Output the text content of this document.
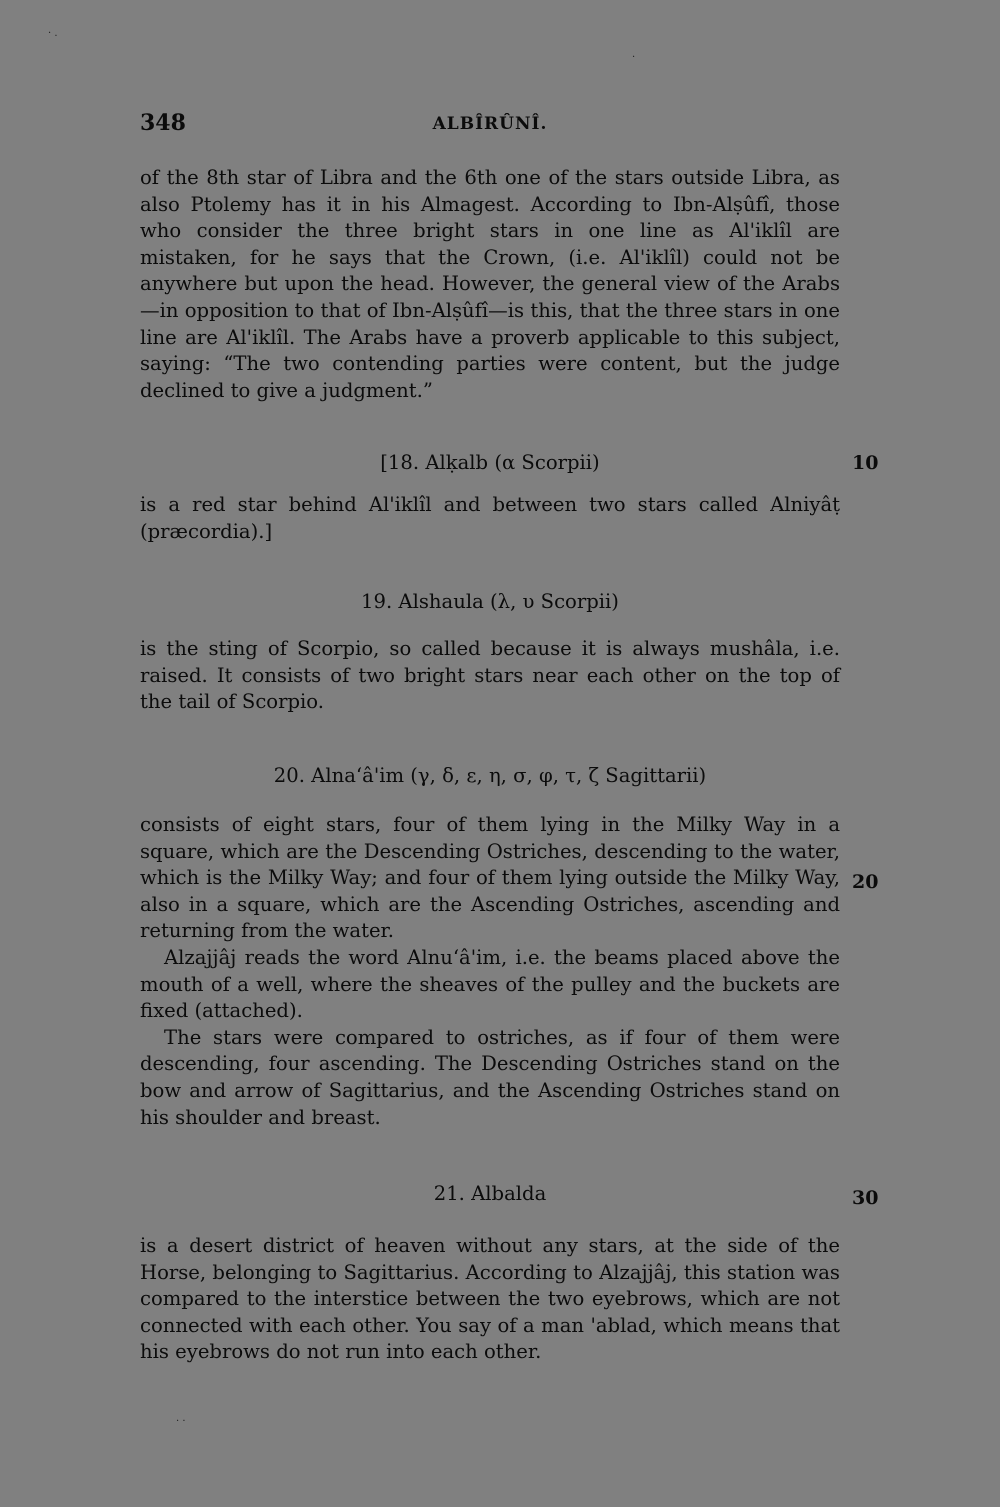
· .
·
· ·
348	ALBÎRÛNÎ.

of the 8th star of Libra and the 6th one of the stars outside Libra, as also Ptolemy has it in his Almagest. According to Ibn-Alṣûfî, those who consider the three bright stars in one line as Al'iklîl are mistaken, for he says that the Crown, (i.e. Al'iklîl) could not be anywhere but upon the head. However, the general view of the Arabs—in opposition to that of Ibn-Alṣûfî—is this, that the three stars in one line are Al'iklîl. The Arabs have a proverb applicable to this subject, saying: “The two contending parties were content, but the judge declined to give a judgment.”

[18. Alḳalb (α Scorpii)	10

is a red star behind Al'iklîl and between two stars called Alniyâṭ (præcordia).]

19. Alshaula (λ, υ Scorpii)

is the sting of Scorpio, so called because it is always mushâla, i.e. raised. It consists of two bright stars near each other on the top of the tail of Scorpio.

20. Alnaʻâ'im (γ, δ, ε, η, σ, φ, τ, ζ Sagittarii)

consists of eight stars, four of them lying in the Milky Way in a square, which are the Descending Ostriches, descending to the water, which is the Milky Way; and four of them lying outside the Milky Way, also in a square, which are the Ascending Ostriches, ascending and returning from the water.

Alzajjâj reads the word Alnuʻâ'im, i.e. the beams placed above the mouth of a well, where the sheaves of the pulley and the buckets are fixed (attached).

The stars were compared to ostriches, as if four of them were descending, four ascending. The Descending Ostriches stand on the bow and arrow of Sagittarius, and the Ascending Ostriches stand on his shoulder and breast.

20
21. Albalda	30

is a desert district of heaven without any stars, at the side of the Horse, belonging to Sagittarius. According to Alzajjâj, this station was compared to the interstice between the two eyebrows, which are not connected with each other. You say of a man 'ablad, which means that his eyebrows do not run into each other.
